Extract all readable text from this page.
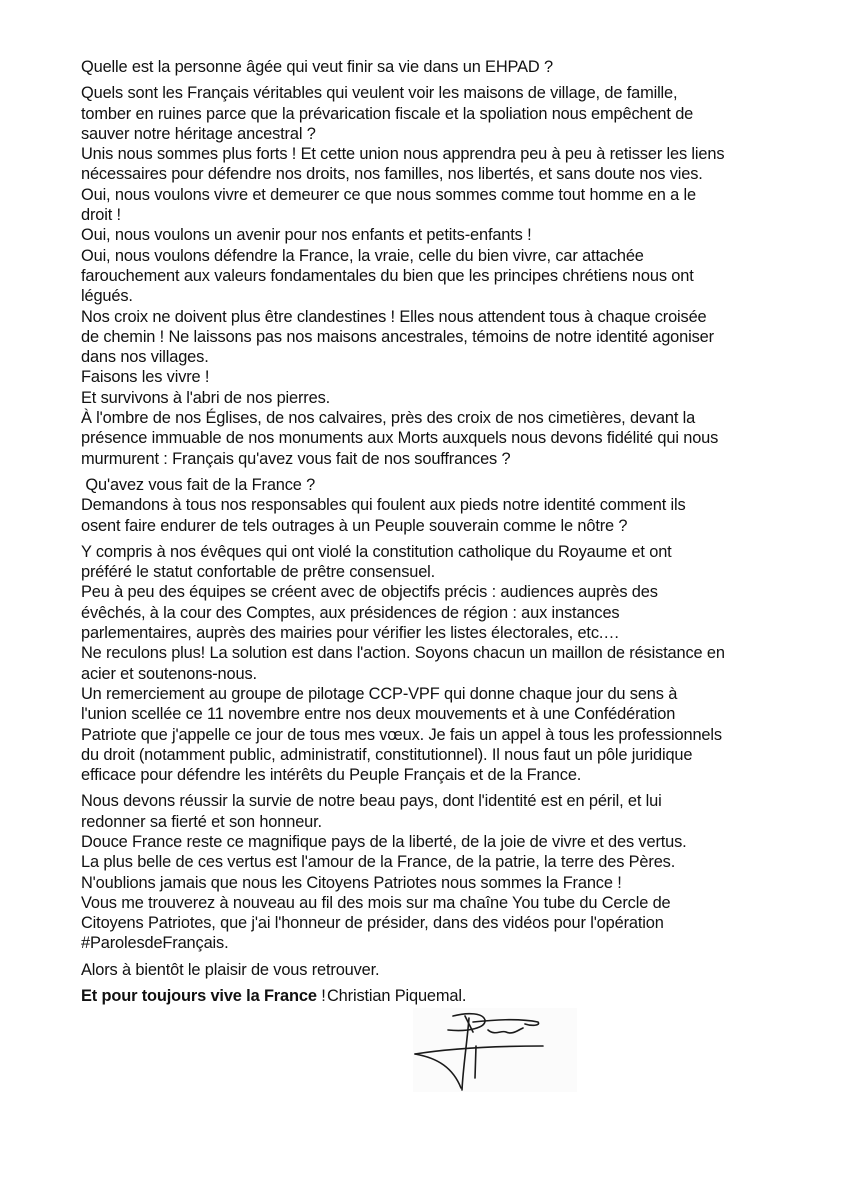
Quelle est la personne âgée qui veut finir sa vie dans un EHPAD ?

Quels sont les Français véritables qui veulent voir les maisons de village, de famille,
tomber en ruines parce que la prévarication fiscale et la spoliation nous empêchent de
sauver notre héritage ancestral ?
Unis nous sommes plus forts ! Et cette union nous apprendra peu à peu à retisser les liens
nécessaires pour défendre nos droits, nos familles, nos libertés, et sans doute nos vies.
Oui, nous voulons vivre et demeurer ce que nous sommes comme tout homme en a le
droit !
Oui, nous voulons un avenir pour nos enfants et petits-enfants !
Oui, nous voulons défendre la France, la vraie, celle du bien vivre, car attachée
farouchement aux valeurs fondamentales du bien que les principes chrétiens nous ont
légués.
Nos croix ne doivent plus être clandestines ! Elles nous attendent tous à chaque croisée
de chemin ! Ne laissons pas nos maisons ancestrales, témoins de notre identité agoniser
dans nos villages.
Faisons les vivre !
Et survivons à l'abri de nos pierres.
À l'ombre de nos Églises, de nos calvaires, près des croix de nos cimetières, devant la
présence immuable de nos monuments aux Morts auxquels nous devons fidélité qui nous
murmurent : Français qu'avez vous fait de nos souffrances ?

Qu'avez vous fait de la France ?
Demandons à tous nos responsables qui foulent aux pieds notre identité comment ils
osent faire endurer de tels outrages à un Peuple souverain comme le nôtre ?

Y compris à nos évêques qui ont violé la constitution catholique du Royaume et ont
préféré le statut confortable de prêtre consensuel.
Peu à peu des équipes se créent avec de objectifs précis : audiences auprès des
évêchés, à la cour des Comptes, aux présidences de région : aux instances
parlementaires, auprès des mairies pour vérifier les listes électorales, etc.…
Ne reculons plus! La solution est dans l'action. Soyons chacun un maillon de résistance en
acier et soutenons-nous.
Un remerciement au groupe de pilotage CCP-VPF qui donne chaque jour du sens à
l'union scellée ce 11 novembre entre nos deux mouvements et à une Confédération
Patriote que j'appelle ce jour de tous mes vœux. Je fais un appel à tous les professionnels
du droit (notamment public, administratif, constitutionnel). Il nous faut un pôle juridique
efficace pour défendre les intérêts du Peuple Français et de la France.

Nous devons réussir la survie de notre beau pays, dont l'identité est en péril, et lui
redonner sa fierté et son honneur.
Douce France reste ce magnifique pays de la liberté, de la joie de vivre et des vertus.
La plus belle de ces vertus est l'amour de la France, de la patrie, la terre des Pères.
N'oublions jamais que nous les Citoyens Patriotes nous sommes la France !
Vous me trouverez à nouveau au fil des mois sur ma chaîne You tube du Cercle de
Citoyens Patriotes, que j'ai l'honneur de présider, dans des vidéos pour l'opération
#ParolesdeFrançais.

Alors à bientôt le plaisir de vous retrouver.

Et pour toujours vive la France ! Christian Piquemal.
